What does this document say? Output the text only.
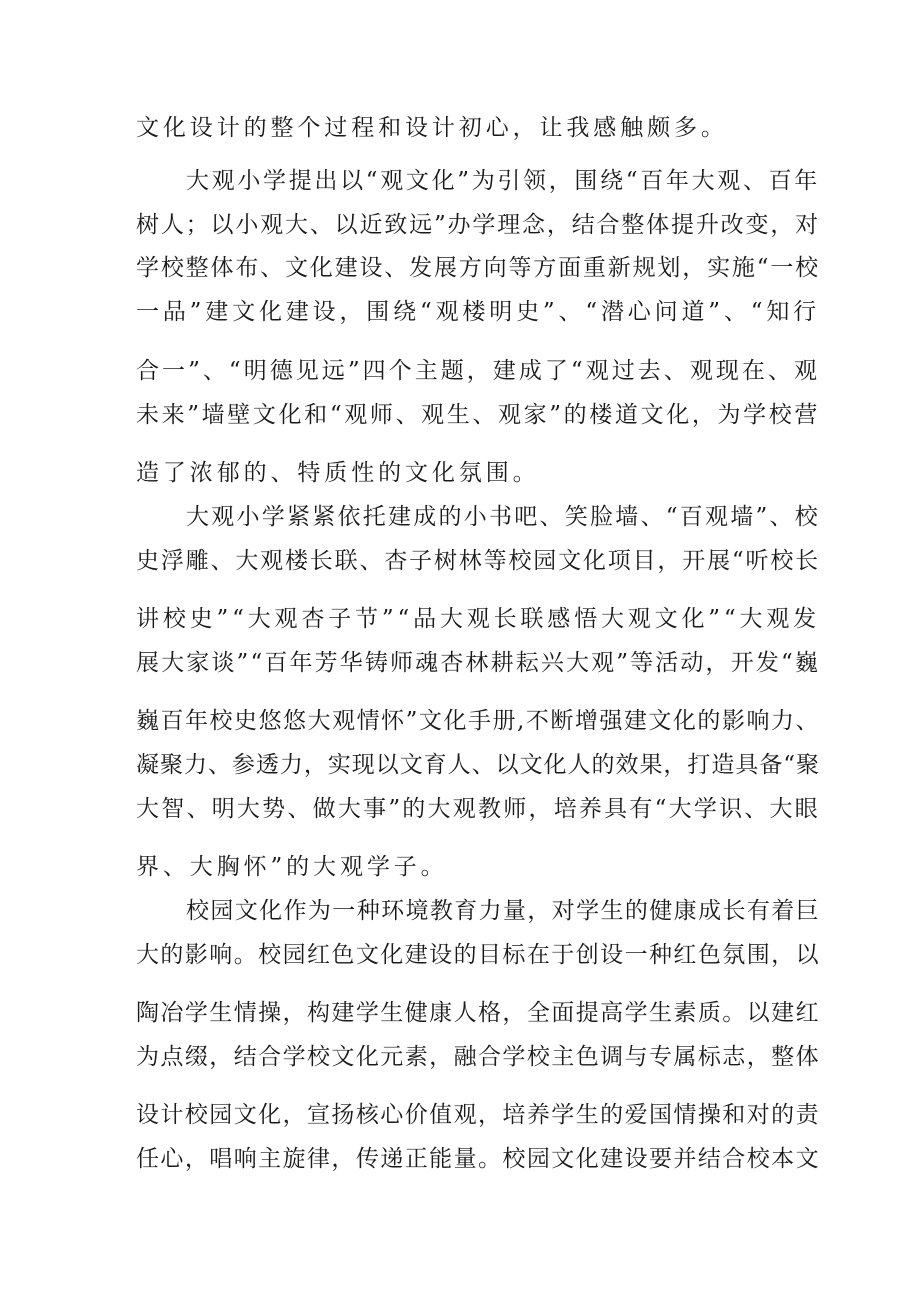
文化设计的整个过程和设计初心，让我感触颇多。
大观小学提出以“观文化”为引领，围绕“百年大观、百年
树人；以小观大、以近致远”办学理念，结合整体提升改变，对
学校整体布、文化建设、发展方向等方面重新规划，实施“一校
一品”建文化建设，围绕“观楼明史”、“潜心问道”、“知行
合一”、“明德见远”四个主题，建成了“观过去、观现在、观
未来”墙壁文化和“观师、观生、观家”的楼道文化，为学校营
造了浓郁的、特质性的文化氛围。
大观小学紧紧依托建成的小书吧、笑脸墙、“百观墙”、校
史浮雕、大观楼长联、杏子树林等校园文化项目，开展“听校长
讲校史”“大观杏子节”“品大观长联感悟大观文化”“大观发
展大家谈”“百年芳华铸师魂杏林耕耘兴大观”等活动，开发“巍
巍百年校史悠悠大观情怀”文化手册,不断增强建文化的影响力、
凝聚力、参透力，实现以文育人、以文化人的效果，打造具备“聚
大智、明大势、做大事”的大观教师，培养具有“大学识、大眼
界、大胸怀”的大观学子。
校园文化作为一种环境教育力量，对学生的健康成长有着巨
大的影响。校园红色文化建设的目标在于创设一种红色氛围，以
陶冶学生情操，构建学生健康人格，全面提高学生素质。以建红
为点缀，结合学校文化元素，融合学校主色调与专属标志，整体
设计校园文化，宣扬核心价值观，培养学生的爱国情操和对的责
任心，唱响主旋律，传递正能量。校园文化建设要并结合校本文
